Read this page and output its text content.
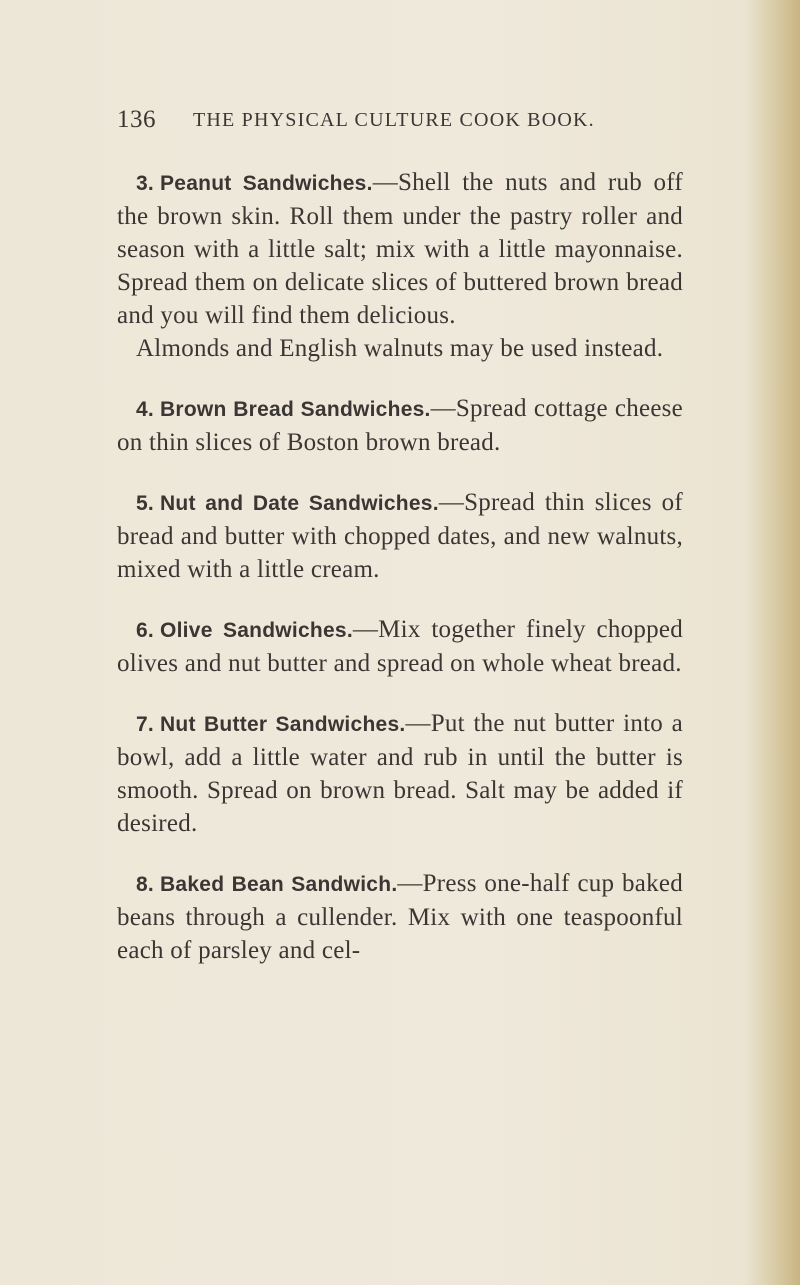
136 THE PHYSICAL CULTURE COOK BOOK.

3. Peanut Sandwiches.—Shell the nuts and rub off the brown skin. Roll them under the pastry roller and season with a little salt; mix with a little mayonnaise. Spread them on delicate slices of buttered brown bread and you will find them delicious.

Almonds and English walnuts may be used instead.

4. Brown Bread Sandwiches.—Spread cottage cheese on thin slices of Boston brown bread.

5. Nut and Date Sandwiches.—Spread thin slices of bread and butter with chopped dates, and new walnuts, mixed with a little cream.

6. Olive Sandwiches.—Mix together finely chopped olives and nut butter and spread on whole wheat bread.

7. Nut Butter Sandwiches.—Put the nut butter into a bowl, add a little water and rub in until the butter is smooth. Spread on brown bread. Salt may be added if desired.

8. Baked Bean Sandwich.—Press one-half cup baked beans through a cullender. Mix with one teaspoonful each of parsley and cel-
